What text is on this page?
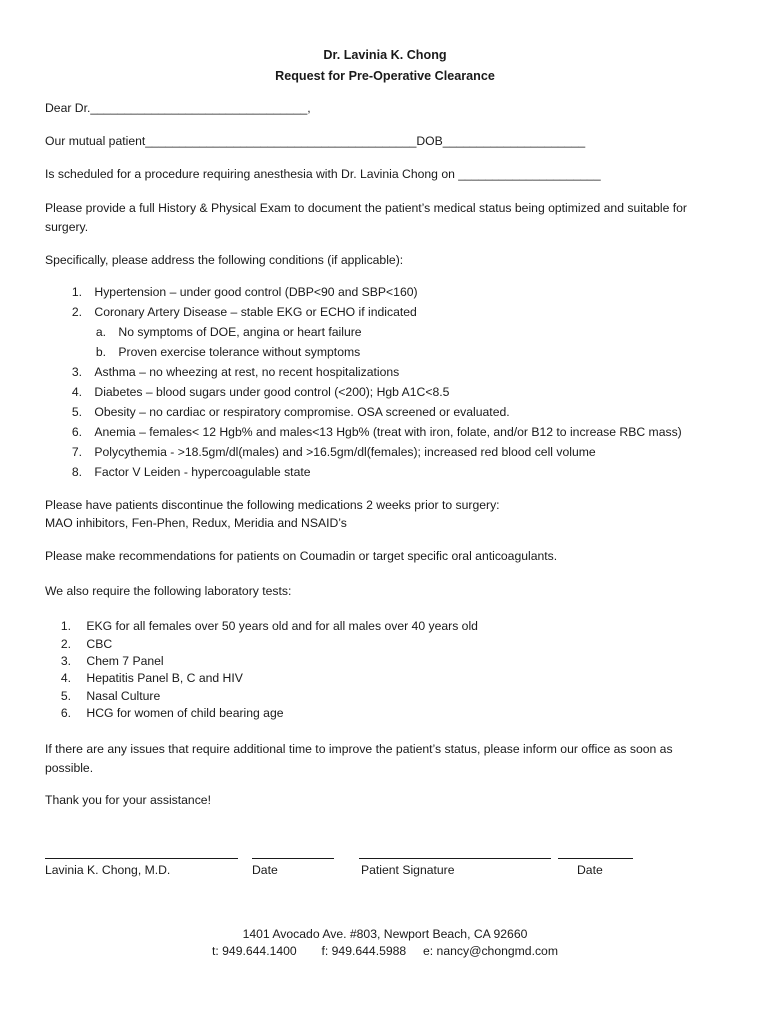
Dr. Lavinia K. Chong
Request for Pre-Operative Clearance
Dear Dr.________________________________,
Our mutual patient________________________________________DOB_____________________
Is scheduled for a procedure requiring anesthesia with Dr. Lavinia Chong on _____________________
Please provide a full History & Physical Exam to document the patient’s medical status being optimized and suitable for
surgery.
Specifically, please address the following conditions (if applicable):
1. Hypertension – under good control (DBP<90 and SBP<160)
2. Coronary Artery Disease – stable EKG or ECHO if indicated
3. Asthma – no wheezing at rest, no recent hospitalizations
4. Diabetes – blood sugars under good control (<200); Hgb A1C<8.5
5. Obesity – no cardiac or respiratory compromise. OSA screened or evaluated.
6. Anemia – females< 12 Hgb% and males<13 Hgb% (treat with iron, folate, and/or B12 to increase RBC mass)
7. Polycythemia - >18.5gm/dl(males) and >16.5gm/dl(females); increased red blood cell volume
8. Factor V Leiden - hypercoagulable state
a. No symptoms of DOE, angina or heart failure
b. Proven exercise tolerance without symptoms
Please have patients discontinue the following medications 2 weeks prior to surgery:
MAO inhibitors, Fen-Phen, Redux, Meridia and NSAID’s
Please make recommendations for patients on Coumadin or target specific oral anticoagulants.
We also require the following laboratory tests:
1. EKG for all females over 50 years old and for all males over 40 years old
2. CBC
3. Chem 7 Panel
4. Hepatitis Panel B, C and HIV
5. Nasal Culture
6. HCG for women of child bearing age
If there are any issues that require additional time to improve the patient’s status, please inform our office as soon as
possible.
Thank you for your assistance!
Lavinia K. Chong, M.D.	Date	Patient Signature	Date
1401 Avocado Ave. #803, Newport Beach, CA 92660
t: 949.644.1400 f: 949.644.5988 e: nancy@chongmd.com
